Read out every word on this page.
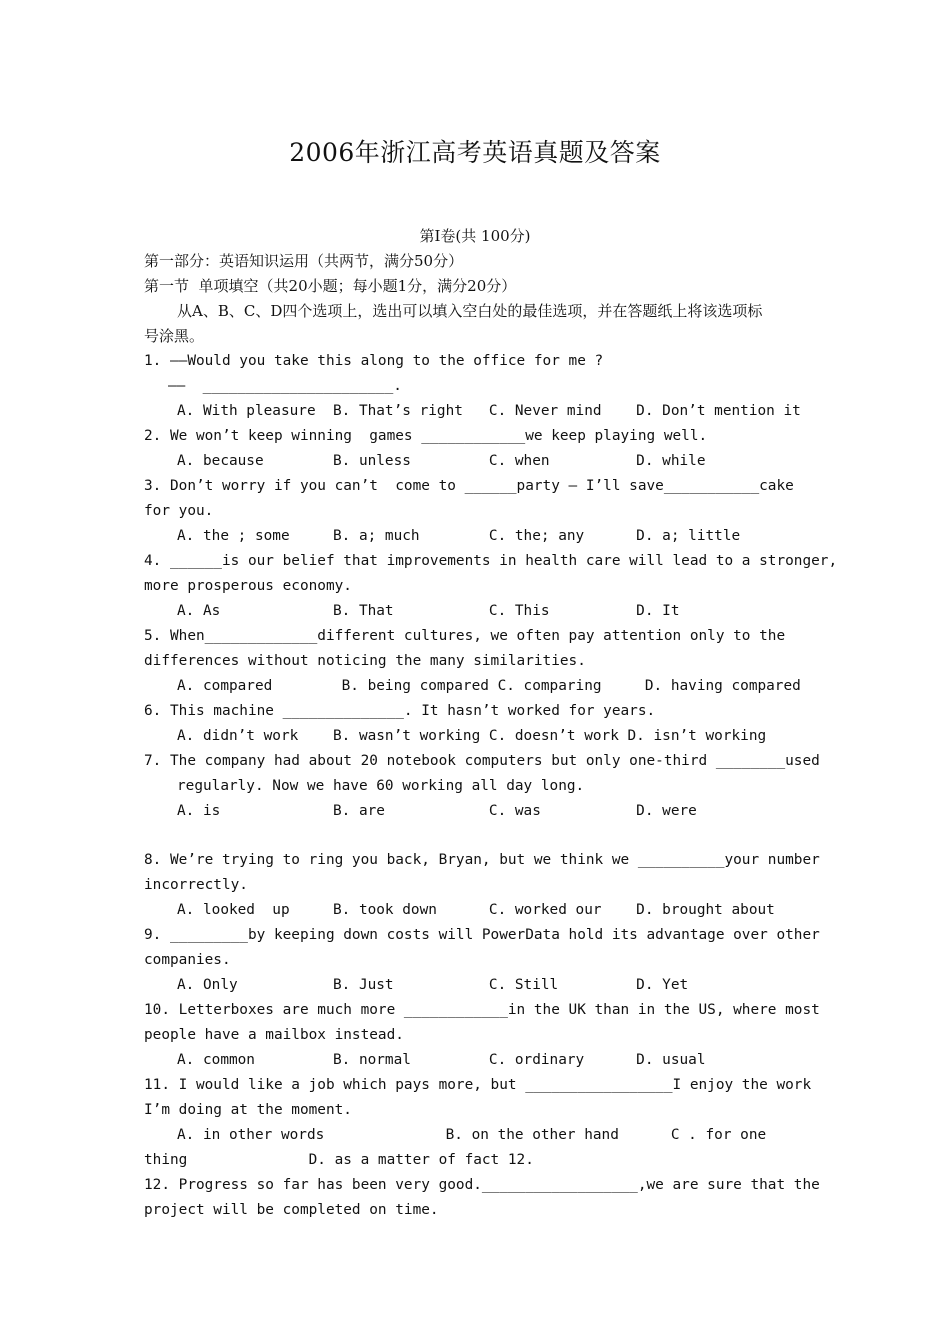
2006年浙江高考英语真题及答案
第Ⅰ卷(共 100分)
第一部分：英语知识运用（共两节，满分50分）
第一节  单项填空（共20小题；每小题1分，满分20分）
从A、B、C、D四个选项上，选出可以填入空白处的最佳选项，并在答题纸上将该选项标
号涂黑。
1. ——Would you take this along to the office for me ?
——  ______________________.
A. With pleasure  B. That’s right   C. Never mind    D. Don’t mention it
2. We won’t keep winning  games ____________we keep playing well.
A. because        B. unless         C. when          D. while
3. Don’t worry if you can’t  come to ______party — I’ll save___________cake
for you.
A. the ; some     B. a; much        C. the; any      D. a; little
4. ______is our belief that improvements in health care will lead to a stronger,
more prosperous economy.
A. As             B. That           C. This          D. It
5. When_____________different cultures, we often pay attention only to the
differences without noticing the many similarities.
A. compared        B. being compared C. comparing     D. having compared
6. This machine ______________. It hasn’t worked for years.
A. didn’t work    B. wasn’t working C. doesn’t work D. isn’t working
7. The company had about 20 notebook computers but only one-third ________used
regularly. Now we have 60 working all day long.
A. is             B. are            C. was           D. were
8. We’re trying to ring you back, Bryan, but we think we __________your number
incorrectly.
A. looked  up     B. took down      C. worked our    D. brought about
9. _________by keeping down costs will PowerData hold its advantage over other
companies.
A. Only           B. Just           C. Still         D. Yet
10. Letterboxes are much more ____________in the UK than in the US, where most
people have a mailbox instead.
A. common         B. normal         C. ordinary      D. usual
11. I would like a job which pays more, but _________________I enjoy the work
I’m doing at the moment.
A. in other words              B. on the other hand      C . for one
thing              D. as a matter of fact 12.
12. Progress so far has been very good.__________________,we are sure that the
project will be completed on time.
